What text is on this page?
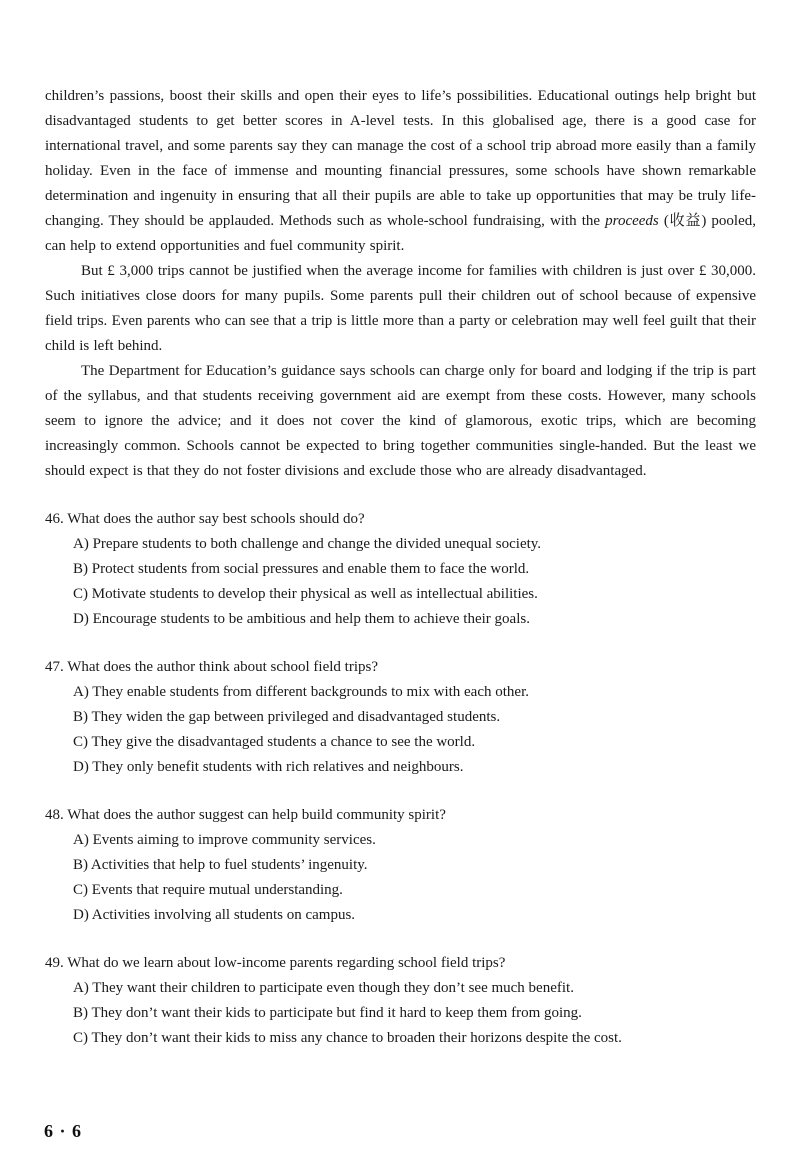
children’s passions, boost their skills and open their eyes to life’s possibilities. Educational outings help bright but disadvantaged students to get better scores in A-level tests. In this globalised age, there is a good case for international travel, and some parents say they can manage the cost of a school trip abroad more easily than a family holiday. Even in the face of immense and mounting financial pressures, some schools have shown remarkable determination and ingenuity in ensuring that all their pupils are able to take up opportunities that may be truly life-changing. They should be applauded. Methods such as whole-school fundraising, with the proceeds (收益) pooled, can help to extend opportunities and fuel community spirit.

But £ 3,000 trips cannot be justified when the average income for families with children is just over £ 30,000. Such initiatives close doors for many pupils. Some parents pull their children out of school because of expensive field trips. Even parents who can see that a trip is little more than a party or celebration may well feel guilt that their child is left behind.

The Department for Education’s guidance says schools can charge only for board and lodging if the trip is part of the syllabus, and that students receiving government aid are exempt from these costs. However, many schools seem to ignore the advice; and it does not cover the kind of glamorous, exotic trips, which are becoming increasingly common. Schools cannot be expected to bring together communities single-handed. But the least we should expect is that they do not foster divisions and exclude those who are already disadvantaged.

46. What does the author say best schools should do?

A) Prepare students to both challenge and change the divided unequal society.

B) Protect students from social pressures and enable them to face the world.

C) Motivate students to develop their physical as well as intellectual abilities.

D) Encourage students to be ambitious and help them to achieve their goals.

47. What does the author think about school field trips?

A) They enable students from different backgrounds to mix with each other.

B) They widen the gap between privileged and disadvantaged students.

C) They give the disadvantaged students a chance to see the world.

D) They only benefit students with rich relatives and neighbours.

48. What does the author suggest can help build community spirit?

A) Events aiming to improve community services.

B) Activities that help to fuel students’ ingenuity.

C) Events that require mutual understanding.

D) Activities involving all students on campus.

49. What do we learn about low-income parents regarding school field trips?

A) They want their children to participate even though they don’t see much benefit.

B) They don’t want their kids to participate but find it hard to keep them from going.

C) They don’t want their kids to miss any chance to broaden their horizons despite the cost.

6 · 6
